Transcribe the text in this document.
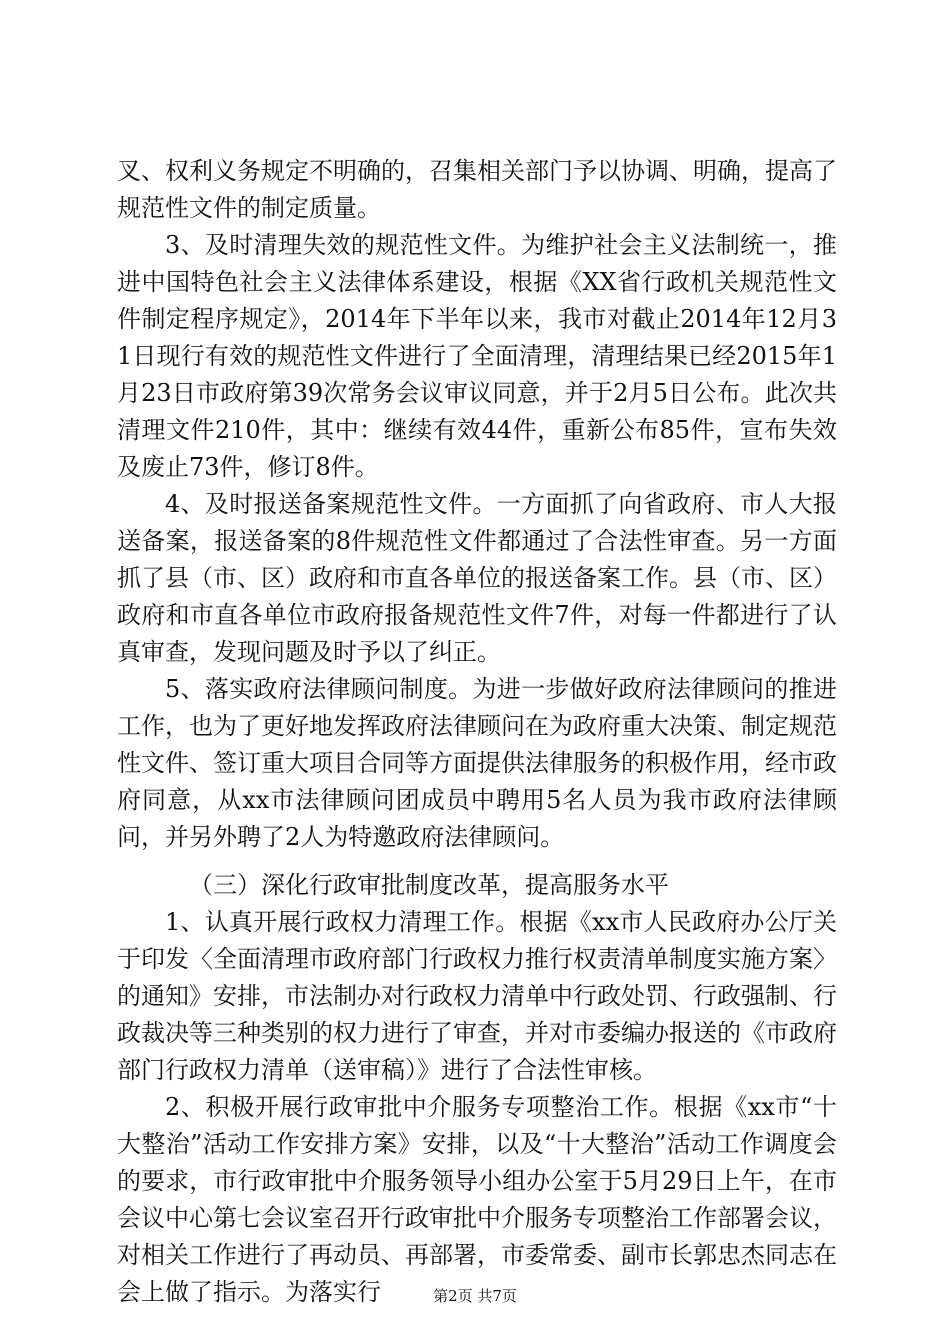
叉、权利义务规定不明确的，召集相关部门予以协调、明确，提高了规范性文件的制定质量。

3、及时清理失效的规范性文件。为维护社会主义法制统一，推进中国特色社会主义法律体系建设，根据《XX省行政机关规范性文件制定程序规定》，2014年下半年以来，我市对截止2014年12月31日现行有效的规范性文件进行了全面清理，清理结果已经2015年1月23日市政府第39次常务会议审议同意，并于2月5日公布。此次共清理文件210件，其中：继续有效44件，重新公布85件，宣布失效及废止73件，修订8件。

4、及时报送备案规范性文件。一方面抓了向省政府、市人大报送备案，报送备案的8件规范性文件都通过了合法性审查。另一方面抓了县（市、区）政府和市直各单位的报送备案工作。县（市、区）政府和市直各单位市政府报备规范性文件7件，对每一件都进行了认真审查，发现问题及时予以了纠正。

5、落实政府法律顾问制度。为进一步做好政府法律顾问的推进工作，也为了更好地发挥政府法律顾问在为政府重大决策、制定规范性文件、签订重大项目合同等方面提供法律服务的积极作用，经市政府同意，从xx市法律顾问团成员中聘用5名人员为我市政府法律顾问，并另外聘了2人为特邀政府法律顾问。

（三）深化行政审批制度改革，提高服务水平

1、认真开展行政权力清理工作。根据《xx市人民政府办公厅关于印发〈全面清理市政府部门行政权力推行权责清单制度实施方案〉的通知》安排，市法制办对行政权力清单中行政处罚、行政强制、行政裁决等三种类别的权力进行了审查，并对市委编办报送的《市政府部门行政权力清单（送审稿）》进行了合法性审核。

2、积极开展行政审批中介服务专项整治工作。根据《xx市“十大整治”活动工作安排方案》安排，以及“十大整治”活动工作调度会的要求，市行政审批中介服务领导小组办公室于5月29日上午，在市会议中心第七会议室召开行政审批中介服务专项整治工作部署会议，对相关工作进行了再动员、再部署，市委常委、副市长郭忠杰同志在会上做了指示。为落实行	第2页 共7页
